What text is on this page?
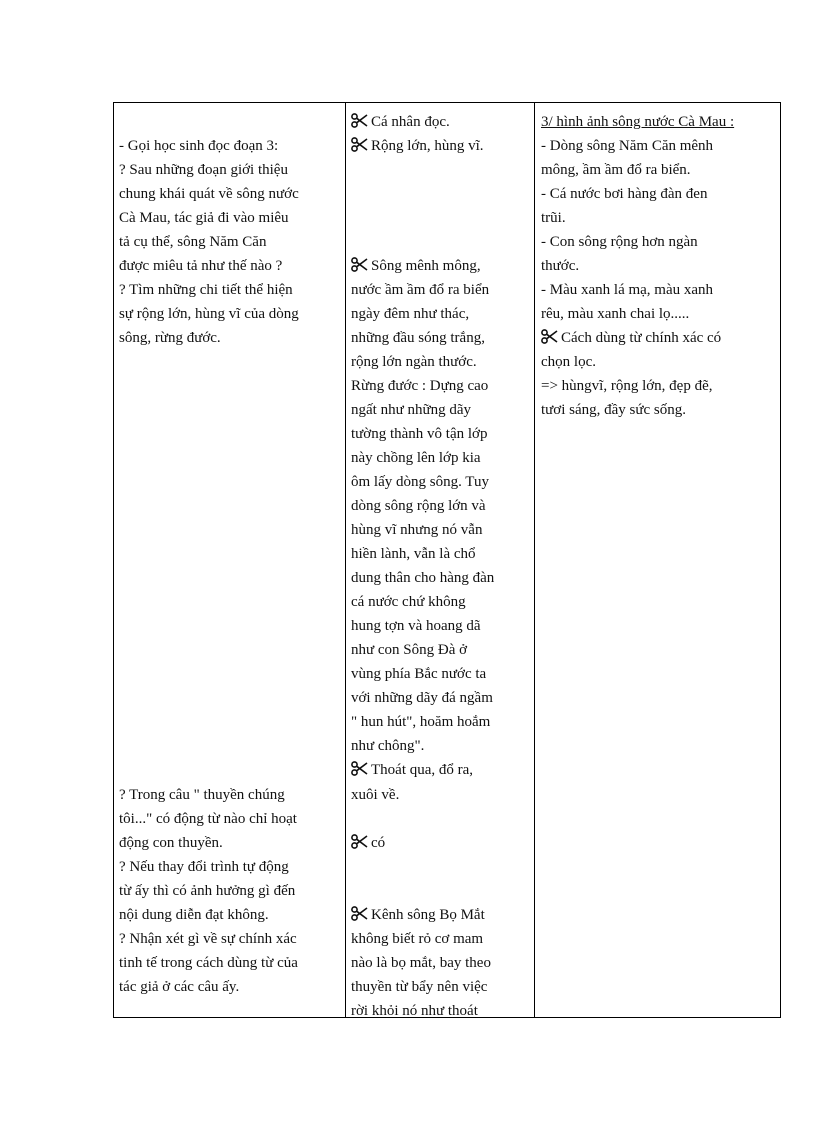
- Gọi học sinh đọc đoạn 3:
? Sau những đoạn giới thiệu
chung khái quát về sông nước
Cà Mau, tác giả đi vào miêu
tả cụ thể, sông Năm Căn
được miêu tả như thế nào ?
? Tìm những chi tiết thể hiện
sự rộng lớn, hùng vĩ của dòng
sông, rừng đước.
? Trong câu " thuyền chúng
tôi..." có động từ nào chỉ hoạt
động con thuyền.
? Nếu thay đổi trình tự động
từ ấy thì có ảnh hưởng gì đến
nội dung diễn đạt không.
? Nhận xét gì về sự chính xác
tinh tế trong cách dùng từ của
tác giả ở các câu ấy.
Cá nhân đọc.
Rộng lớn, hùng vĩ.
Sông mênh mông,
nước ầm ầm đổ ra biển
ngày đêm như thác,
những đầu sóng trắng,
rộng lớn ngàn thước.
Rừng đước : Dựng cao
ngất như những dãy
tường thành vô tận lớp
này chồng lên lớp kia
ôm lấy dòng sông. Tuy
dòng sông rộng lớn và
hùng vĩ nhưng nó vẫn
hiền lành, vẫn là chổ
dung thân cho hàng đàn
cá nước chứ không
hung tợn và hoang dã
như con Sông Đà ở
vùng phía Bắc nước ta
với những dãy đá ngầm
" hun hút", hoăm hoắm
như chông".
Thoát qua, đổ ra,
xuôi về.
có
Kênh sông Bọ Mắt
không biết rỏ cơ mam
nào là bọ mắt, bay theo
thuyền từ bẩy nên việc
rời khỏi nó như thoát
3/ hình ảnh sông nước Cà Mau :
- Dòng sông Năm Căn mênh
mông, ầm ầm đổ ra biển.
- Cá nước bơi hàng đàn đen
trũi.
- Con sông rộng hơn ngàn
thước.
- Màu xanh lá mạ, màu xanh
rêu, màu xanh chai lọ.....
Cách dùng từ chính xác có
chọn lọc.
=> hùngvĩ, rộng lớn, đẹp đẽ,
tươi sáng, đầy sức sống.
